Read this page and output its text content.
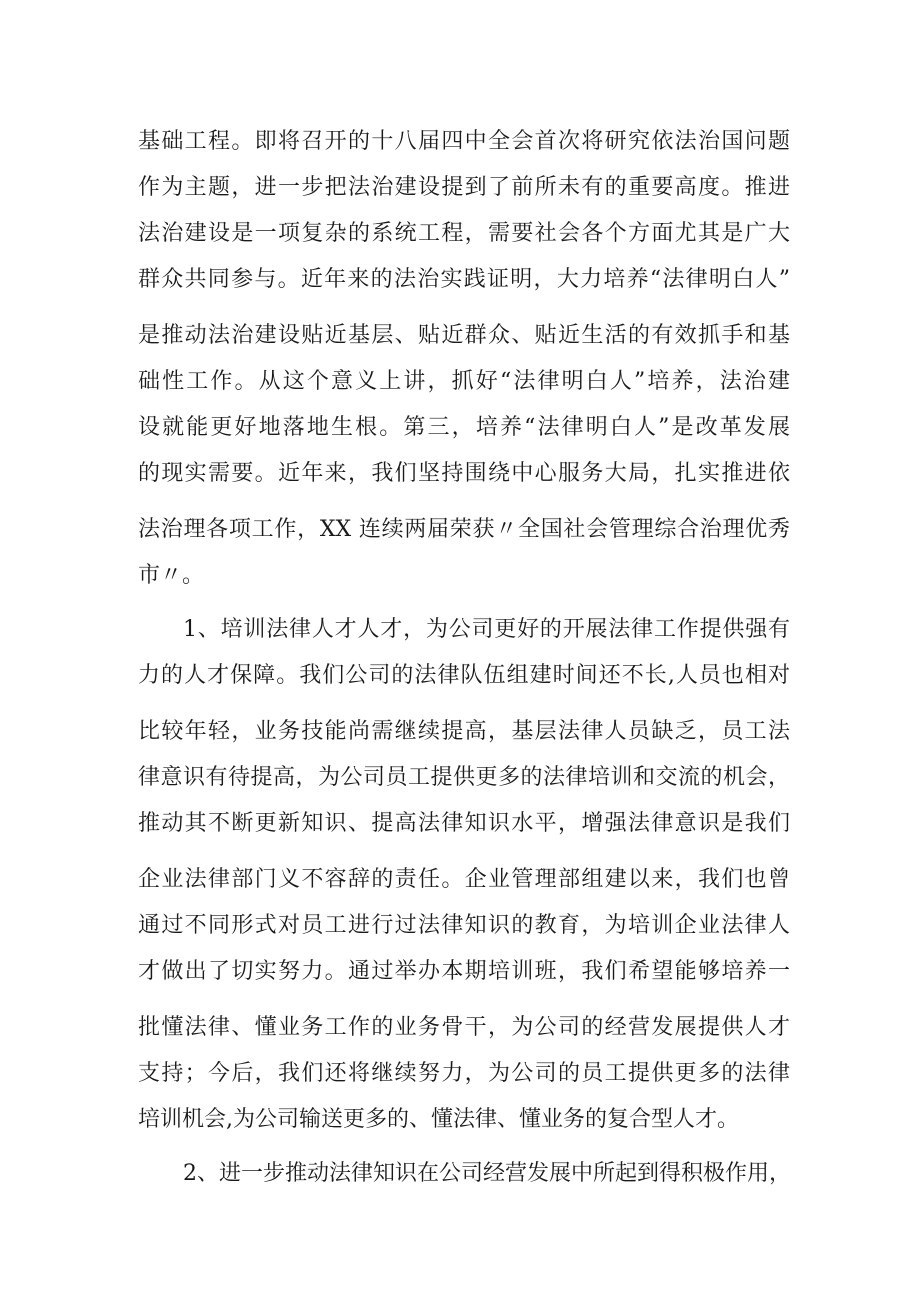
基础工程。即将召开的十八届四中全会首次将研究依法治国问题
作为主题，进一步把法治建设提到了前所未有的重要高度。推进
法治建设是一项复杂的系统工程，需要社会各个方面尤其是广大
群众共同参与。近年来的法治实践证明，大力培养“法律明白人”
是推动法治建设贴近基层、贴近群众、贴近生活的有效抓手和基
础性工作。从这个意义上讲，抓好“法律明白人”培养，法治建
设就能更好地落地生根。第三，培养“法律明白人”是改革发展
的现实需要。近年来，我们坚持围绕中心服务大局，扎实推进依
法治理各项工作，XX 连续两届荣获〃全国社会管理综合治理优秀
市〃。
1、培训法律人才人才，为公司更好的开展法律工作提供强有
力的人才保障。我们公司的法律队伍组建时间还不长,人员也相对
比较年轻，业务技能尚需继续提高，基层法律人员缺乏，员工法
律意识有待提高，为公司员工提供更多的法律培训和交流的机会，
推动其不断更新知识、提高法律知识水平，增强法律意识是我们
企业法律部门义不容辞的责任。企业管理部组建以来，我们也曾
通过不同形式对员工进行过法律知识的教育，为培训企业法律人
才做出了切实努力。通过举办本期培训班，我们希望能够培养一
批懂法律、懂业务工作的业务骨干，为公司的经营发展提供人才
支持；今后，我们还将继续努力，为公司的员工提供更多的法律
培训机会,为公司输送更多的、懂法律、懂业务的复合型人才。
2、进一步推动法律知识在公司经营发展中所起到得积极作用，
